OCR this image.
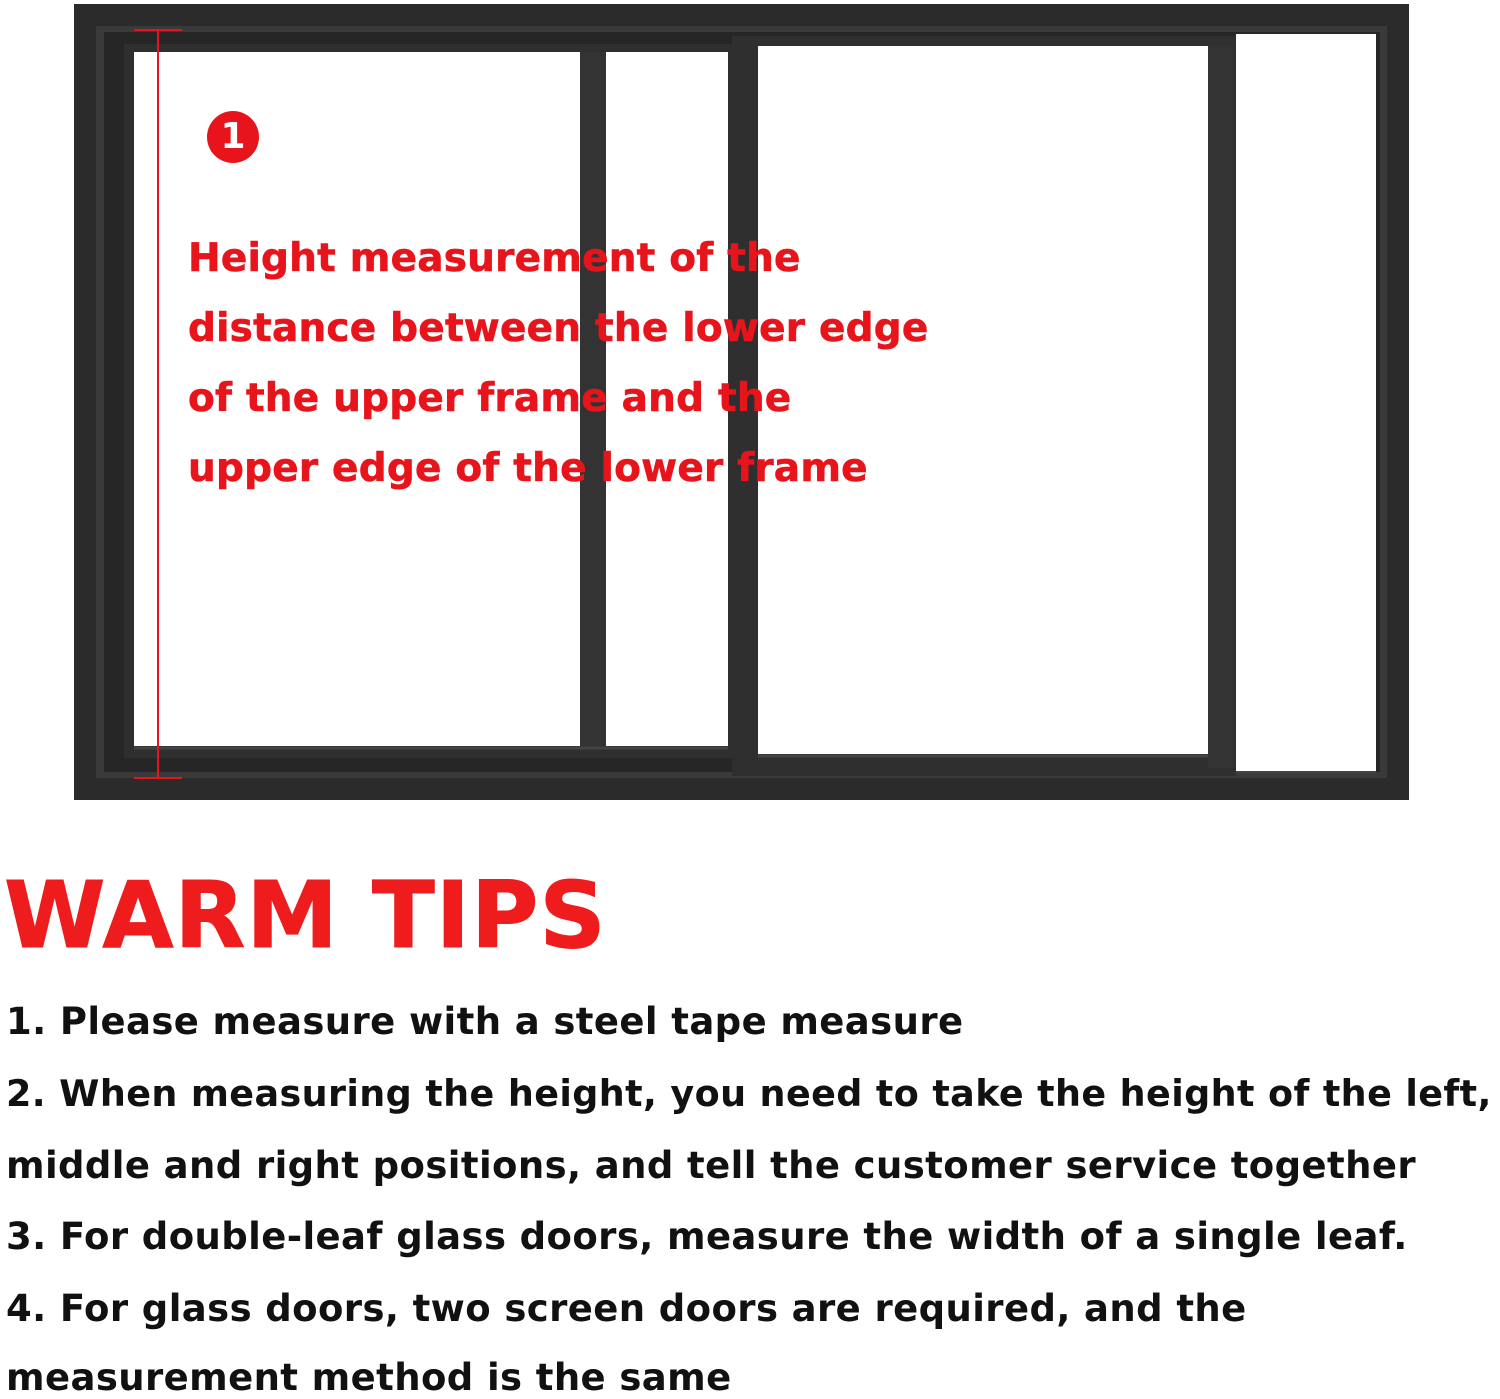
1
Height measurement of the
distance between the lower edge
of the upper frame and the
upper edge of the lower frame
WARM TIPS
1. Please measure with a steel tape measure
2. When measuring the height, you need to take the height of the left,
middle and right positions, and tell the customer service together
3. For double-leaf glass doors, measure the width of a single leaf.
4. For glass doors, two screen doors are required, and the
measurement method is the same
